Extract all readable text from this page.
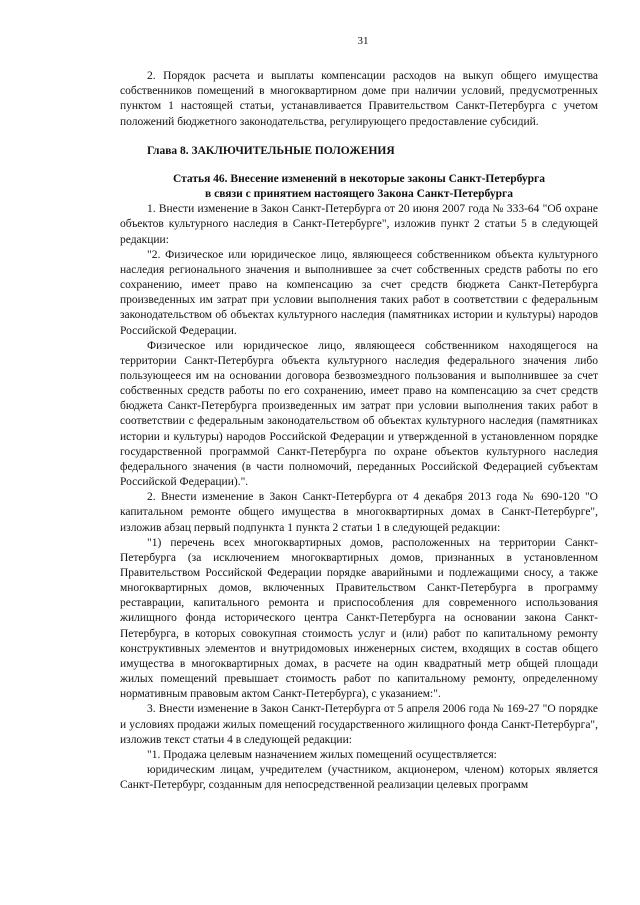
31

2. Порядок расчета и выплаты компенсации расходов на выкуп общего имущества собственников помещений в многоквартирном доме при наличии условий, предусмотренных пунктом 1 настоящей статьи, устанавливается Правительством Санкт-Петербурга с учетом положений бюджетного законодательства, регулирующего предоставление субсидий.

Глава 8. ЗАКЛЮЧИТЕЛЬНЫЕ ПОЛОЖЕНИЯ
Статья 46. Внесение изменений в некоторые законы Санкт-Петербурга
в связи с принятием настоящего Закона Санкт-Петербурга

1. Внести изменение в Закон Санкт-Петербурга от 20 июня 2007 года № 333-64 "Об охране объектов культурного наследия в Санкт-Петербурге", изложив пункт 2 статьи 5 в следующей редакции:

"2. Физическое или юридическое лицо, являющееся собственником объекта культурного наследия регионального значения и выполнившее за счет собственных средств работы по его сохранению, имеет право на компенсацию за счет средств бюджета Санкт-Петербурга произведенных им затрат при условии выполнения таких работ в соответствии с федеральным законодательством об объектах культурного наследия (памятниках истории и культуры) народов Российской Федерации.

Физическое или юридическое лицо, являющееся собственником находящегося на территории Санкт-Петербурга объекта культурного наследия федерального значения либо пользующееся им на основании договора безвозмездного пользования и выполнившее за счет собственных средств работы по его сохранению, имеет право на компенсацию за счет средств бюджета Санкт-Петербурга произведенных им затрат при условии выполнения таких работ в соответствии с федеральным законодательством об объектах культурного наследия (памятниках истории и культуры) народов Российской Федерации и утвержденной в установленном порядке государственной программой Санкт-Петербурга по охране объектов культурного наследия федерального значения (в части полномочий, переданных Российской Федерацией субъектам Российской Федерации).".

2. Внести изменение в Закон Санкт-Петербурга от 4 декабря 2013 года № 690-120 "О капитальном ремонте общего имущества в многоквартирных домах в Санкт-Петербурге", изложив абзац первый подпункта 1 пункта 2 статьи 1 в следующей редакции:

"1) перечень всех многоквартирных домов, расположенных на территории Санкт-Петербурга (за исключением многоквартирных домов, признанных в установленном Правительством Российской Федерации порядке аварийными и подлежащими сносу, а также многоквартирных домов, включенных Правительством Санкт-Петербурга в программу реставрации, капитального ремонта и приспособления для современного использования жилищного фонда исторического центра Санкт-Петербурга на основании закона Санкт-Петербурга, в которых совокупная стоимость услуг и (или) работ по капитальному ремонту конструктивных элементов и внутридомовых инженерных систем, входящих в состав общего имущества в многоквартирных домах, в расчете на один квадратный метр общей площади жилых помещений превышает стоимость работ по капитальному ремонту, определенному нормативным правовым актом Санкт-Петербурга), с указанием:".

3. Внести изменение в Закон Санкт-Петербурга от 5 апреля 2006 года № 169-27 "О порядке и условиях продажи жилых помещений государственного жилищного фонда Санкт-Петербурга", изложив текст статьи 4 в следующей редакции:

"1. Продажа целевым назначением жилых помещений осуществляется:

юридическим лицам, учредителем (участником, акционером, членом) которых является Санкт-Петербург, созданным для непосредственной реализации целевых программ
